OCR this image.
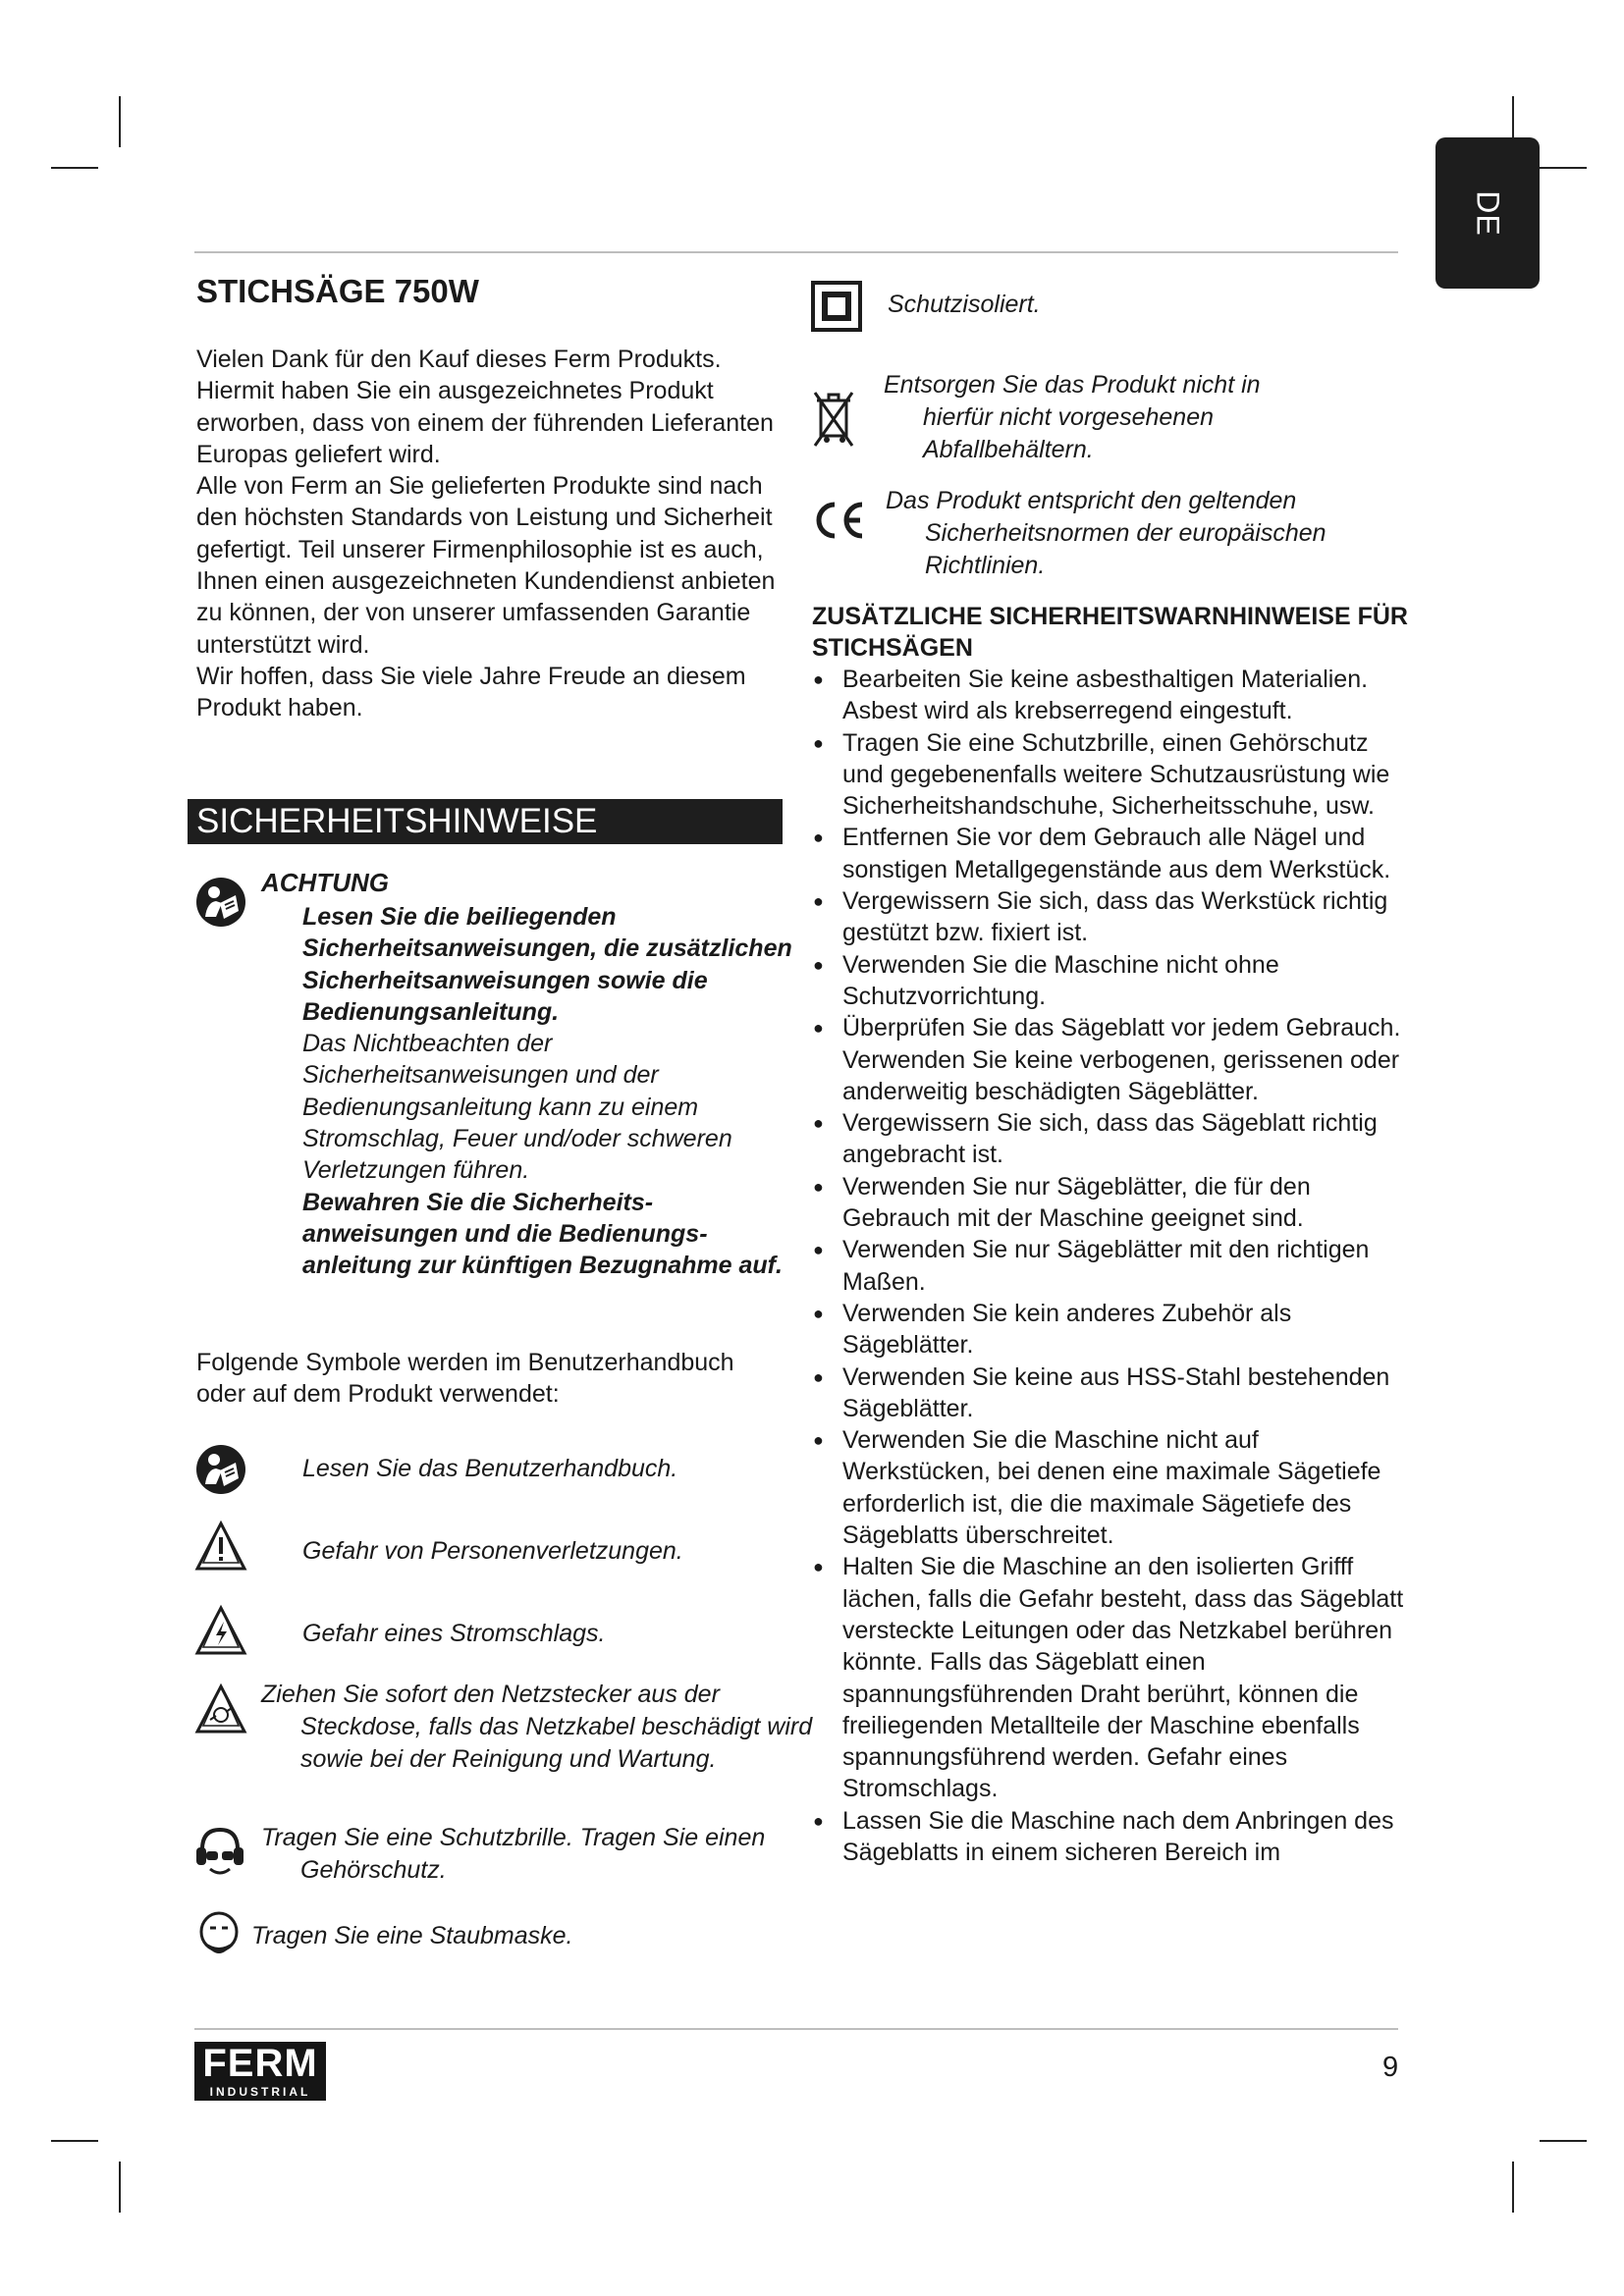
DE
STICHSÄGE 750W

Vielen Dank für den Kauf dieses Ferm Produkts. Hiermit haben Sie ein ausgezeichnetes Produkt erworben, dass von einem der führenden Lieferanten Europas geliefert wird.

Alle von Ferm an Sie gelieferten Produkte sind nach den höchsten Standards von Leistung und Sicherheit gefertigt. Teil unserer Firmenphilosophie ist es auch, Ihnen einen ausgezeichneten Kundendienst anbieten zu können, der von unserer umfassenden Garantie unterstützt wird.

Wir hoffen, dass Sie viele Jahre Freude an diesem Produkt haben.

SICHERHEITSHINWEISE
ACHTUNG
Lesen Sie die beiliegenden Sicherheitsanweisungen, die zusätzlichen Sicherheitsanweisungen sowie die Bedienungsanleitung.
Das Nichtbeachten der Sicherheitsanweisungen und der Bedienungsanleitung kann zu einem Stromschlag, Feuer und/oder schweren Verletzungen führen.
Bewahren Sie die Sicherheits-anweisungen und die Bedienungs-anleitung zur künftigen Bezugnahme auf.
Folgende Symbole werden im Benutzerhandbuch oder auf dem Produkt verwendet:
Lesen Sie das Benutzerhandbuch.
Gefahr von Personenverletzungen.
Gefahr eines Stromschlags.
Ziehen Sie sofort den Netzstecker aus der Steckdose, falls das Netzkabel beschädigt wird sowie bei der Reinigung und Wartung.
Tragen Sie eine Schutzbrille. Tragen Sie einen Gehörschutz.
Tragen Sie eine Staubmaske.
Schutzisoliert.
Entsorgen Sie das Produkt nicht in hierfür nicht vorgesehenen Abfallbehältern.
Das Produkt entspricht den geltenden Sicherheitsnormen der europäischen Richtlinien.
ZUSÄTZLICHE SICHERHEITSWARNHINWEISE FÜR STICHSÄGEN
● Bearbeiten Sie keine asbesthaltigen Materialien. Asbest wird als krebserregend eingestuft.
● Tragen Sie eine Schutzbrille, einen Gehörschutz und gegebenenfalls weitere Schutzausrüstung wie Sicherheitshandschuhe, Sicherheitsschuhe, usw.
● Entfernen Sie vor dem Gebrauch alle Nägel und sonstigen Metallgegenstände aus dem Werkstück.
● Vergewissern Sie sich, dass das Werkstück richtig gestützt bzw. fixiert ist.
● Verwenden Sie die Maschine nicht ohne Schutzvorrichtung.
● Überprüfen Sie das Sägeblatt vor jedem Gebrauch. Verwenden Sie keine verbogenen, gerissenen oder anderweitig beschädigten Sägeblätter.
● Vergewissern Sie sich, dass das Sägeblatt richtig angebracht ist.
● Verwenden Sie nur Sägeblätter, die für den Gebrauch mit der Maschine geeignet sind.
● Verwenden Sie nur Sägeblätter mit den richtigen Maßen.
● Verwenden Sie kein anderes Zubehör als Sägeblätter.
● Verwenden Sie keine aus HSS-Stahl bestehenden Sägeblätter.
● Verwenden Sie die Maschine nicht auf Werkstücken, bei denen eine maximale Sägetiefe erforderlich ist, die die maximale Sägetiefe des Sägeblatts überschreitet.
● Halten Sie die Maschine an den isolierten Grifff lächen, falls die Gefahr besteht, dass das Sägeblatt versteckte Leitungen oder das Netzkabel berühren könnte. Falls das Sägeblatt einen spannungsführenden Draht berührt, können die freiliegenden Metallteile der Maschine ebenfalls spannungsführend werden. Gefahr eines Stromschlags.
● Lassen Sie die Maschine nach dem Anbringen des Sägeblatts in einem sicheren Bereich im
FERM
INDUSTRIAL
9
